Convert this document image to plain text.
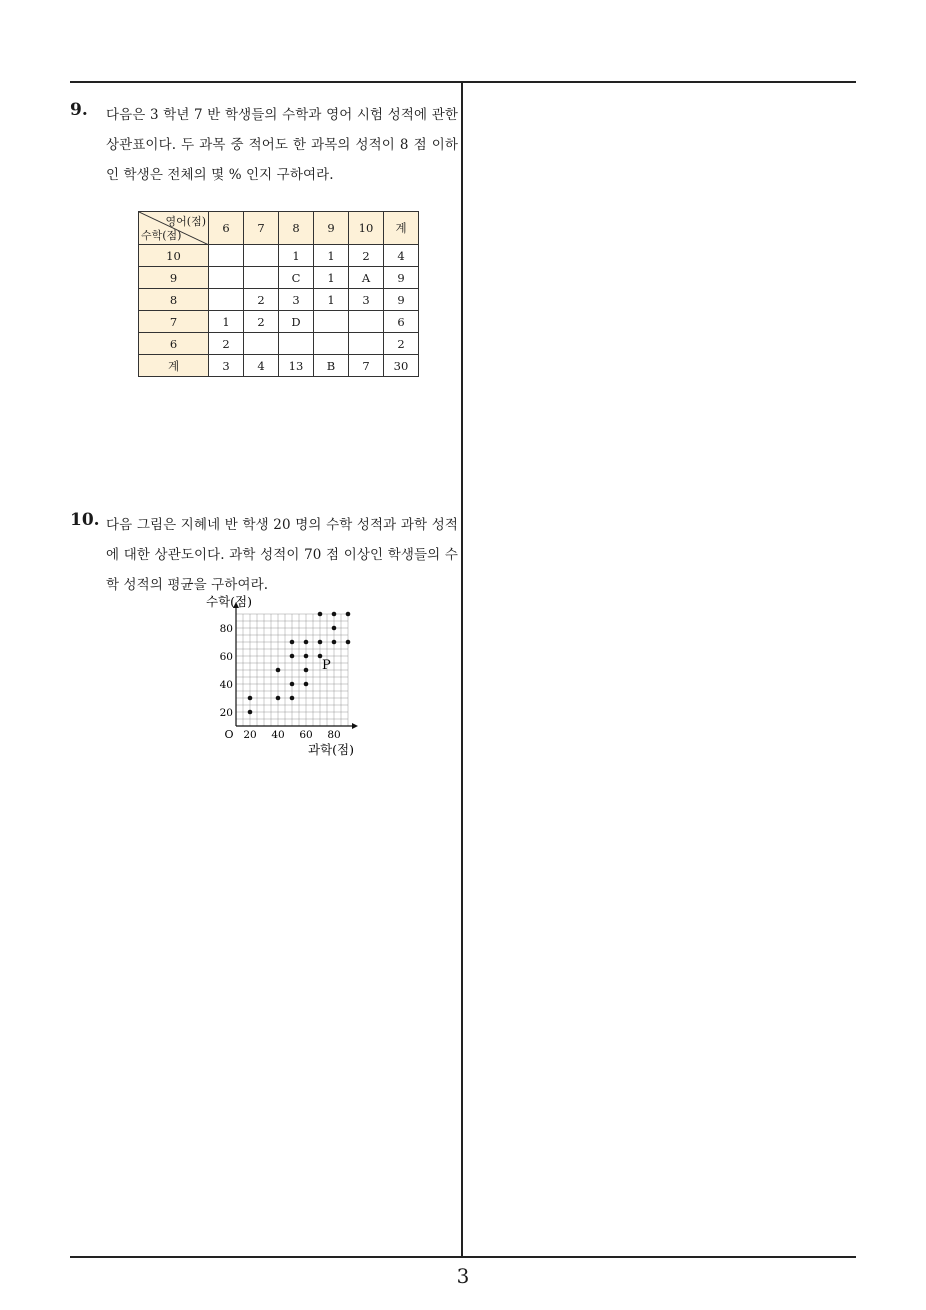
3
9. 다음은 3 학년 7 반 학생들의 수학과 영어 시험 성적에 관한 상관표이다. 두 과목 중 적어도 한 과목의 성적이 8 점 이하인 학생은 전체의 몇 % 인지 구하여라.
영어(점)
수학(점)	6	7	8	9	10	계
10			1	1	2	4
9			C	1	A	9
8		2	3	1	3	9
7	1	2	D			6
6	2					2
계	3	4	13	B	7	30
10. 다음 그림은 지혜네 반 학생 20 명의 수학 성적과 과학 성적에 대한 상관도이다. 과학 성적이 70 점 이상인 학생들의 수학 성적의 평균을 구하여라.
수학(점)
과학(점)
O 20 40 60 80
20
40
60
80
P
